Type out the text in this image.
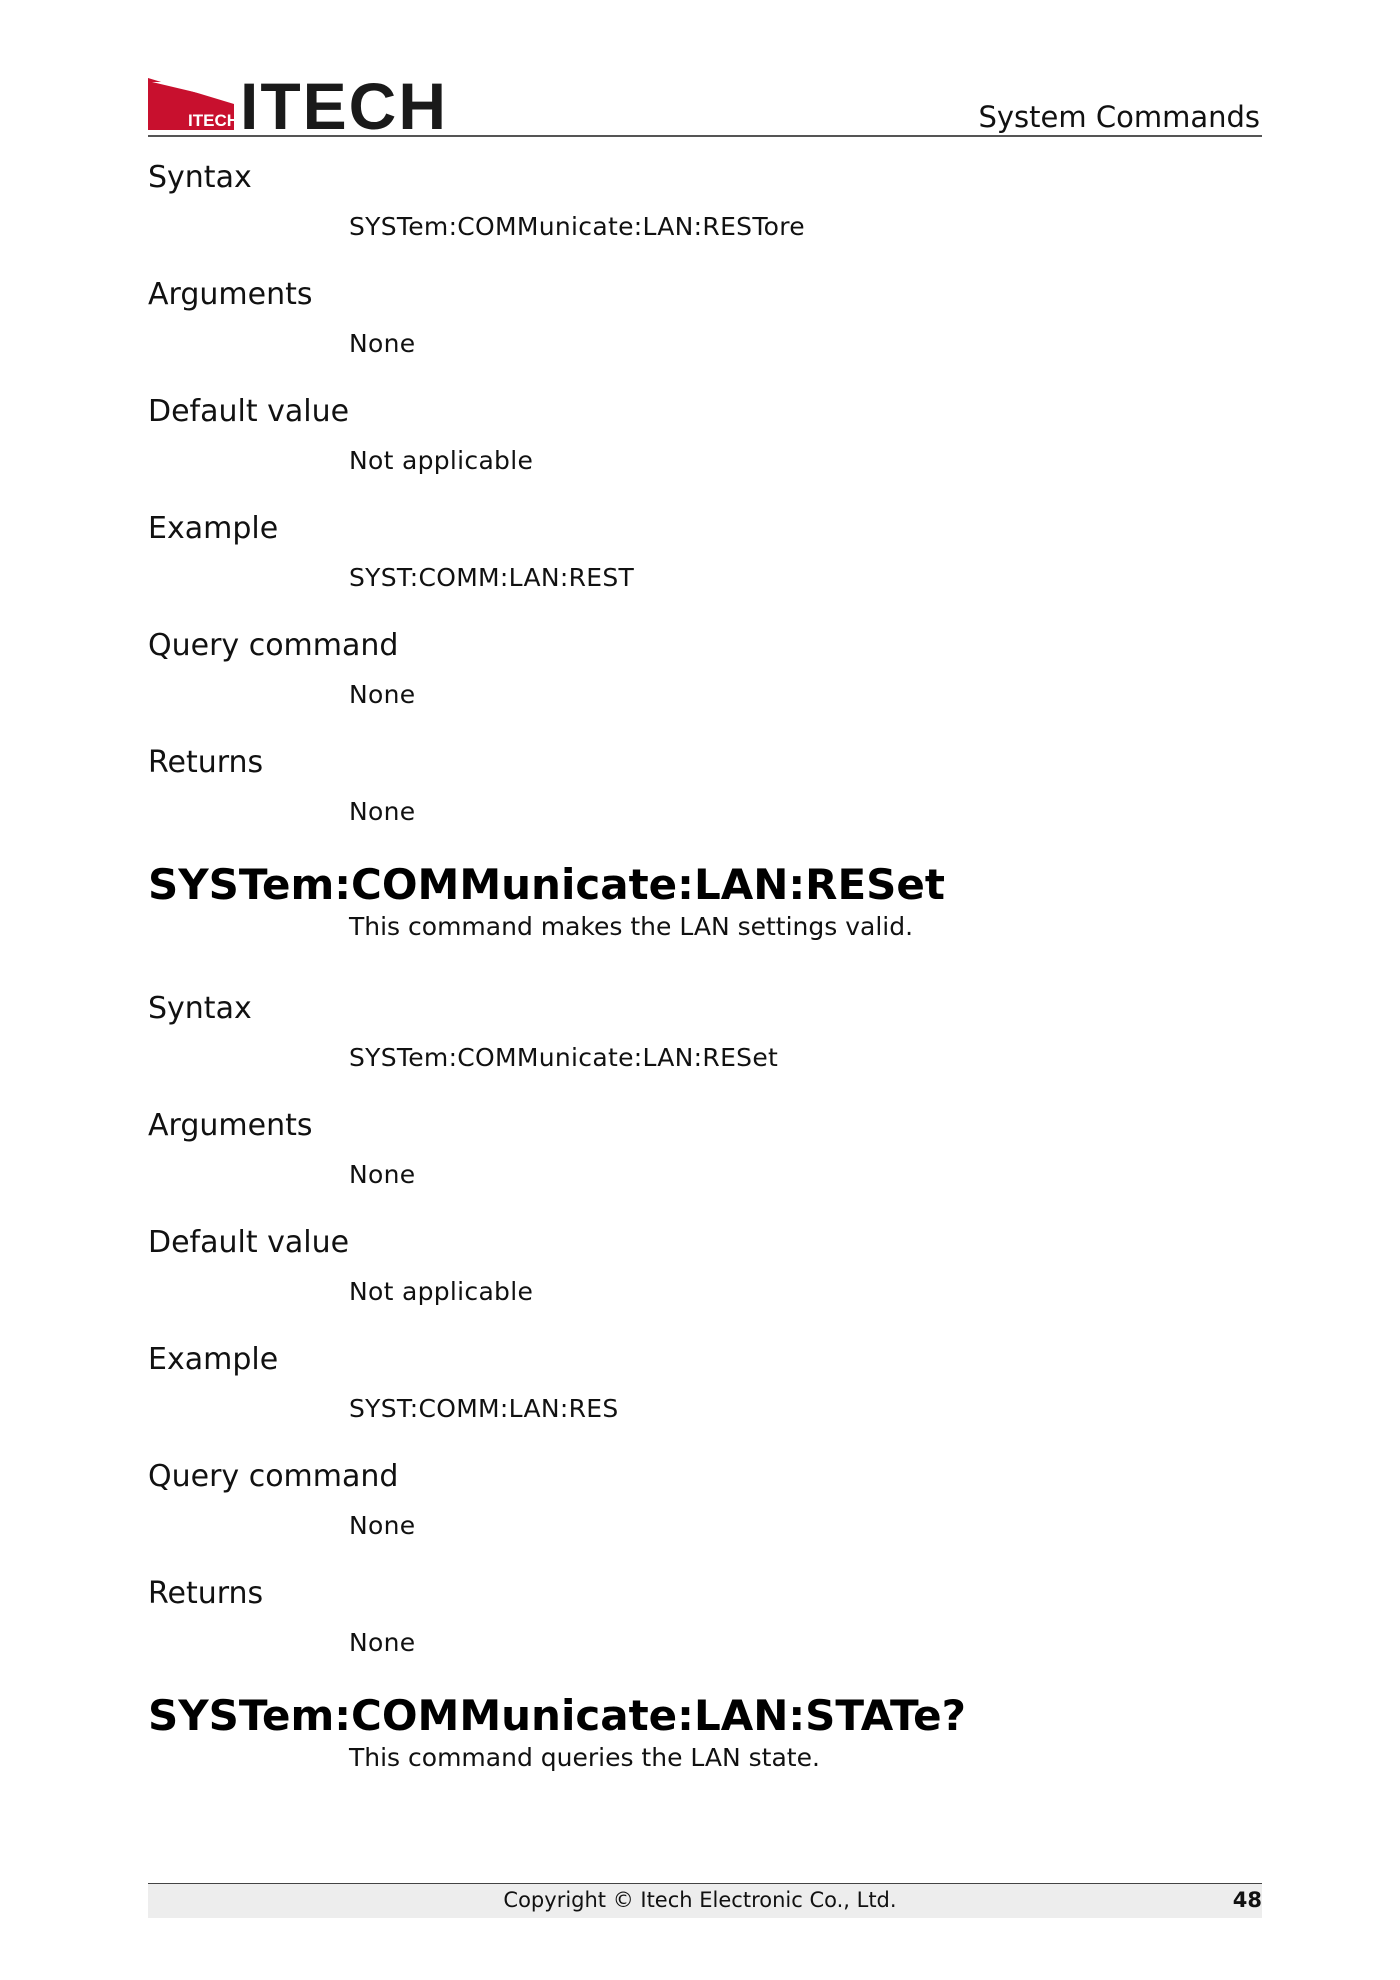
ITECH ITECH	System Commands
Syntax
SYSTem:COMMunicate:LAN:RESTore
Arguments
None
Default value
Not applicable
Example
SYST:COMM:LAN:REST
Query command
None
Returns
None
SYSTem:COMMunicate:LAN:RESet
This command makes the LAN settings valid.
Syntax
SYSTem:COMMunicate:LAN:RESet
Arguments
None
Default value
Not applicable
Example
SYST:COMM:LAN:RES
Query command
None
Returns
None
SYSTem:COMMunicate:LAN:STATe?
This command queries the LAN state.
Copyright © Itech Electronic Co., Ltd.	48
